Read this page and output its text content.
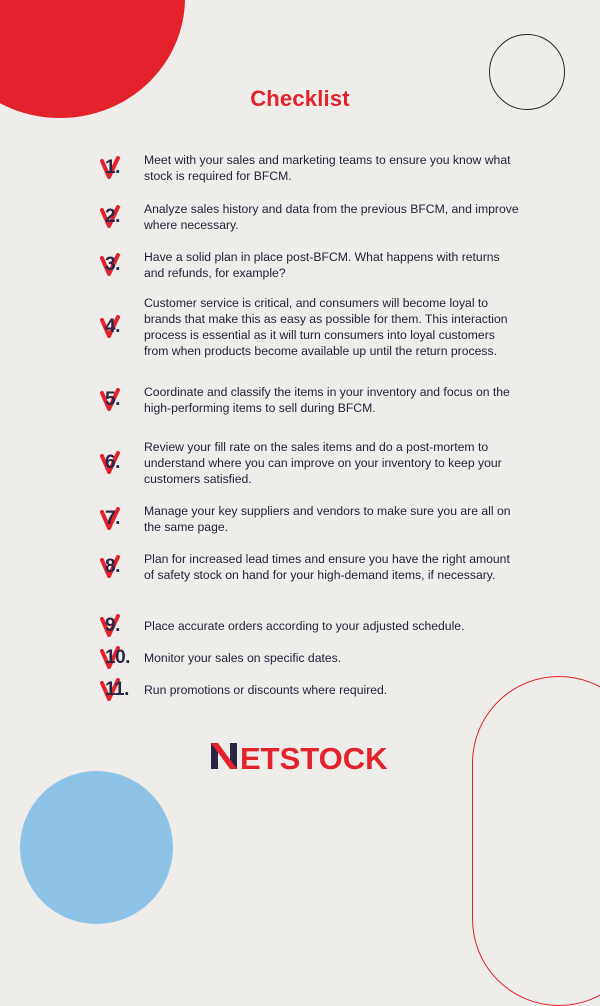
Checklist
1.	Meet with your sales and marketing teams to ensure you know what stock is required for BFCM.
2.	Analyze sales history and data from the previous BFCM, and improve where necessary.
3.	Have a solid plan in place post-BFCM. What happens with returns and refunds, for example?
4.
Customer service is critical, and consumers will become loyal to brands that make this as easy as possible for them. This interaction process is essential as it will turn consumers into loyal customers from when products become available up until the return process.
5.	Coordinate and classify the items in your inventory and focus on the high-performing items to sell during BFCM.
6.
Review your fill rate on the sales items and do a post-mortem to understand where you can improve on your inventory to keep your customers satisfied.
7.	Manage your key suppliers and vendors to make sure you are all on the same page.
8.	Plan for increased lead times and ensure you have the right amount of safety stock on hand for your high-demand items, if necessary.
9.	Place accurate orders according to your adjusted schedule.
10.	Monitor your sales on specific dates.
11.	Run promotions or discounts where required.
ETSTOCK
